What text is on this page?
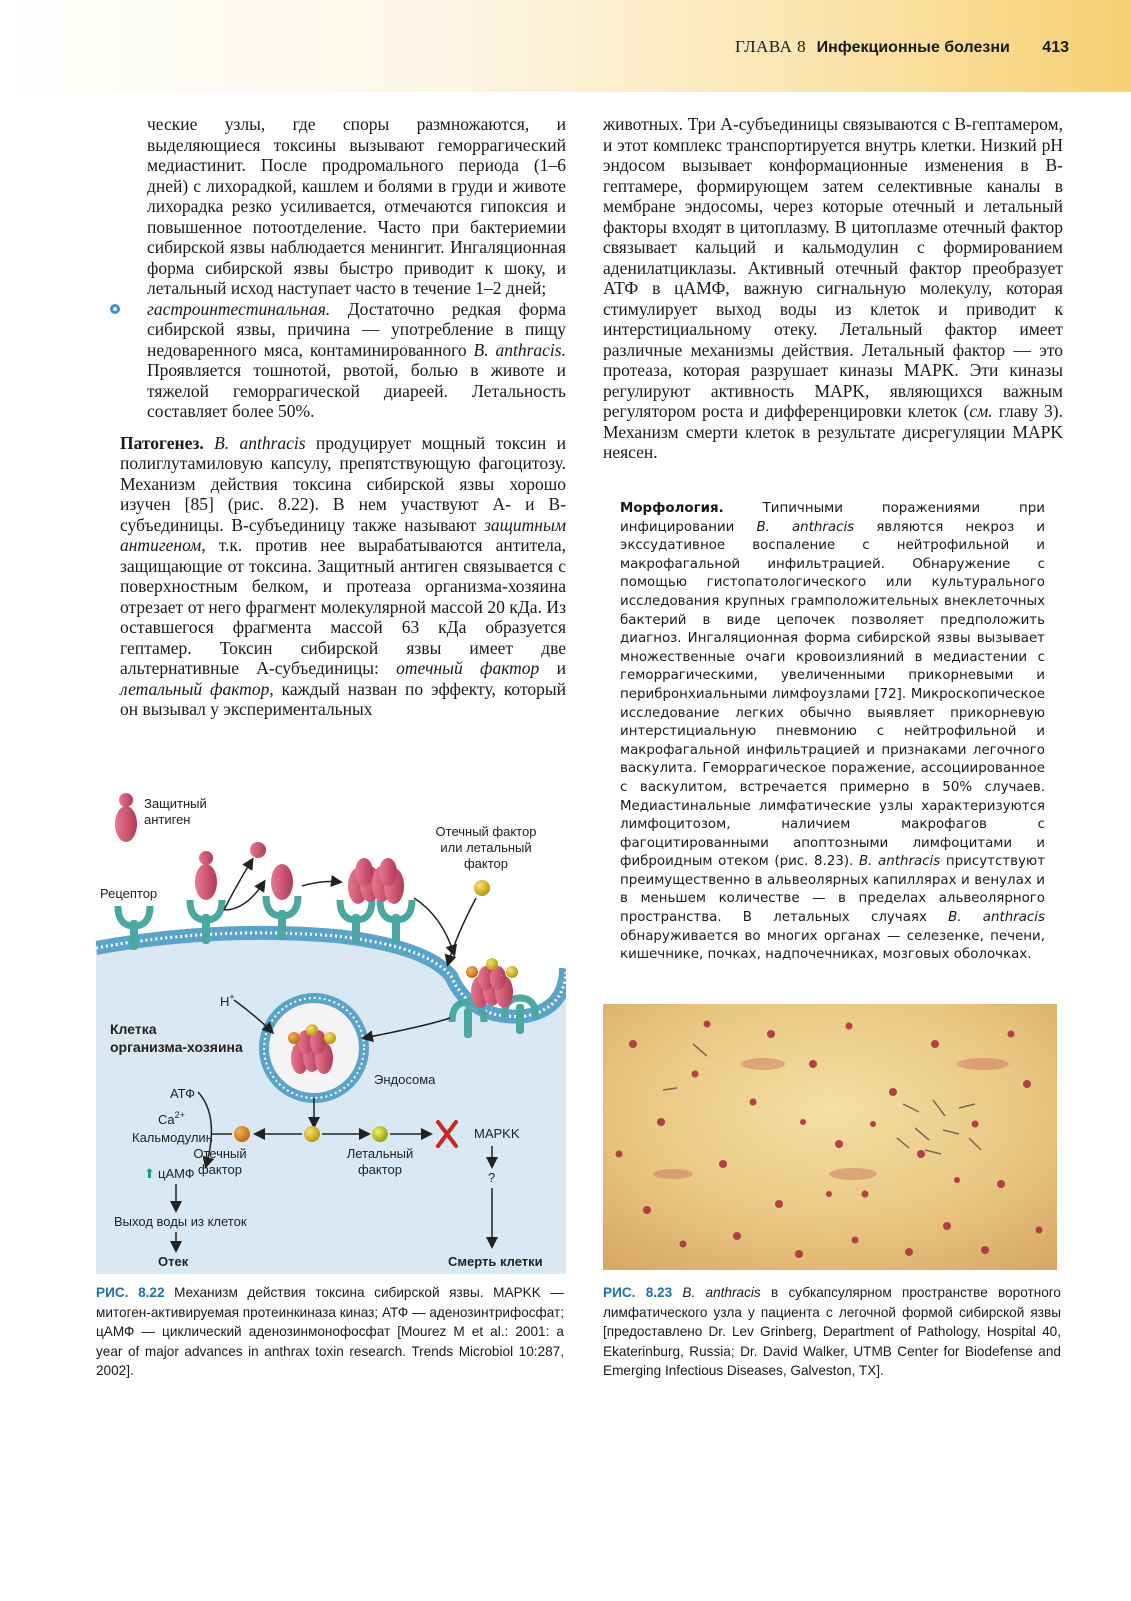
ГЛАВА 8 Инфекционные болезни 413

ческие узлы, где споры размножаются, и выделяющиеся токсины вызывают геморрагический медиастинит. После продромального периода (1–6 дней) с лихорадкой, кашлем и болями в груди и животе лихорадка резко усиливается, отмечаются гипоксия и повышенное потоотделение. Часто при бактериемии сибирской язвы наблюдается менингит. Ингаляционная форма сибирской язвы быстро приводит к шоку, и летальный исход наступает часто в течение 1–2 дней;

гастроинтестинальная. Достаточно редкая форма сибирской язвы, причина — употребление в пищу недоваренного мяса, контаминированного B. anthracis. Проявляется тошнотой, рвотой, болью в животе и тяжелой геморрагической диареей. Летальность составляет более 50%.

Патогенез. B. anthracis продуцирует мощный токсин и полиглутамиловую капсулу, препятствующую фагоцитозу. Механизм действия токсина сибирской язвы хорошо изучен [85] (рис. 8.22). В нем участвуют А- и В-субъединицы. В-субъединицу также называют защитным антигеном, т.к. против нее вырабатываются антитела, защищающие от токсина. Защитный антиген связывается с поверхностным белком, и протеаза организма-хозяина отрезает от него фрагмент молекулярной массой 20 кДа. Из оставшегося фрагмента массой 63 кДа образуется гептамер. Токсин сибирской язвы имеет две альтернативные А-субъединицы: отечный фактор и летальный фактор, каждый назван по эффекту, который он вызывал у экспериментальных

животных. Три А-субъединицы связываются с В-гептамером, и этот комплекс транспортируется внутрь клетки. Низкий pH эндосом вызывает конформационные изменения в В-гептамере, формирующем затем селективные каналы в мембране эндосомы, через которые отечный и летальный факторы входят в цитоплазму. В цитоплазме отечный фактор связывает кальций и кальмодулин с формированием аденилатциклазы. Активный отечный фактор преобразует АТФ в цАМФ, важную сигнальную молекулу, которая стимулирует выход воды из клеток и приводит к интерстициальному отеку. Летальный фактор имеет различные механизмы действия. Летальный фактор — это протеаза, которая разрушает киназы MAPK. Эти киназы регулируют активность MAPK, являющихся важным регулятором роста и дифференцировки клеток (см. главу 3). Механизм смерти клеток в результате дисрегуляции MAPK неясен.

Морфология. Типичными поражениями при инфицировании B. anthracis являются некроз и экссудативное воспаление с нейтрофильной и макрофагальной инфильтрацией. Обнаружение с помощью гистопатологического или культурального исследования крупных грамположительных внеклеточных бактерий в виде цепочек позволяет предположить диагноз. Ингаляционная форма сибирской язвы вызывает множественные очаги кровоизлияний в медиастении с геморрагическими, увеличенными прикорневыми и перибронхиальными лимфоузлами [72]. Микроскопическое исследование легких обычно выявляет прикорневую интерстициальную пневмонию с нейтрофильной и макрофагальной инфильтрацией и признаками легочного васкулита. Геморрагическое поражение, ассоциированное с васкулитом, встречается примерно в 50% случаев. Медиастинальные лимфатические узлы характеризуются лимфоцитозом, наличием макрофагов с фагоцитированными апоптозными лимфоцитами и фиброидным отеком (рис. 8.23). B. anthracis присутствуют преимущественно в альвеолярных капиллярах и венулах и в меньшем количестве — в пределах альвеолярного пространства. В летальных случаях B. anthracis обнаруживается во многих органах — селезенке, печени, кишечнике, почках, надпочечниках, мозговых оболочках.
Защитный
антиген
Рецептор
Отечный фактор
или летальный
фактор
H+
Клетка
организма-хозяина
Эндосома
MAPKK
?
Отечный
фактор
Летальный
фактор
АТФ
$Ca^{2+}$
Кальмодулин
⬆ цАМФ
Выход воды из клеток
Отек	Смерть клетки
РИС. 8.22 Механизм действия токсина сибирской язвы. MAPKK — митоген-активируемая протеинкиназа киназ; АТФ — аденозинтрифосфат; цАМФ — циклический аденозинмонофосфат [Mourez M et al.: 2001: a year of major advances in anthrax toxin research. Trends Microbiol 10:287, 2002].
РИС. 8.23 B. anthracis в субкапсулярном пространстве воротного лимфатического узла у пациента с легочной формой сибирской язвы [предоставлено Dr. Lev Grinberg, Department of Pathology, Hospital 40, Ekaterinburg, Russia; Dr. David Walker, UTMB Center for Biodefense and Emerging Infectious Diseases, Galveston, TX].
